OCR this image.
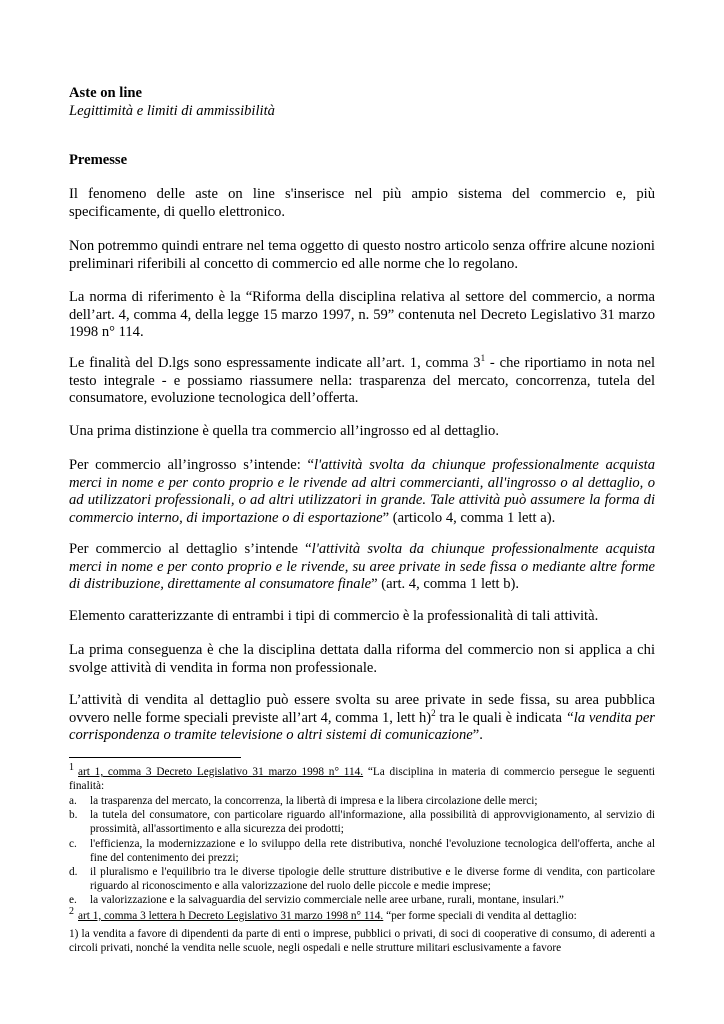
Aste on line
Legittimità e limiti di ammissibilità
Premesse
Il fenomeno delle aste on line s'inserisce nel più ampio sistema del commercio e, più specificamente, di quello elettronico.
Non potremmo quindi entrare nel tema oggetto di questo nostro articolo senza offrire alcune nozioni preliminari riferibili al concetto di commercio ed alle norme che lo regolano.
La norma di riferimento è la “Riforma della disciplina relativa al settore del commercio, a norma dell’art. 4, comma 4, della legge 15 marzo 1997, n. 59” contenuta nel Decreto Legislativo 31 marzo 1998 n° 114.
Le finalità del D.lgs sono espressamente indicate all’art. 1, comma $3^1$ - che riportiamo in nota nel testo integrale - e possiamo riassumere nella: trasparenza del mercato, concorrenza, tutela del consumatore, evoluzione tecnologica dell’offerta.
Una prima distinzione è quella tra commercio all’ingrosso ed al dettaglio.
Per commercio all’ingrosso s’intende: “l'attività svolta da chiunque professionalmente acquista merci in nome e per conto proprio e le rivende ad altri commercianti, all'ingrosso o al dettaglio, o ad utilizzatori professionali, o ad altri utilizzatori in grande. Tale attività può assumere la forma di commercio interno, di importazione o di esportazione” (articolo 4, comma 1 lett a).
Per commercio al dettaglio s’intende “l'attività svolta da chiunque professionalmente acquista merci in nome e per conto proprio e le rivende, su aree private in sede fissa o mediante altre forme di distribuzione, direttamente al consumatore finale” (art. 4, comma 1 lett b).
Elemento caratterizzante di entrambi i tipi di commercio è la professionalità di tali attività.
La prima conseguenza è che la disciplina dettata dalla riforma del commercio non si applica a chi svolge attività di vendita in forma non professionale.
L’attività di vendita al dettaglio può essere svolta su aree private in sede fissa, su area pubblica ovvero nelle forme speciali previste all’art 4, comma 1, lett h)$^2$ tra le quali è indicata “la vendita per corrispondenza o tramite televisione o altri sistemi di comunicazione”.
1 art 1, comma 3 Decreto Legislativo 31 marzo 1998 n° 114. “La disciplina in materia di commercio persegue le seguenti finalità:
a.	la trasparenza del mercato, la concorrenza, la libertà di impresa e la libera circolazione delle merci;
b.	la tutela del consumatore, con particolare riguardo all'informazione, alla possibilità di approvvigionamento, al servizio di prossimità, all'assortimento e alla sicurezza dei prodotti;
c.	l'efficienza, la modernizzazione e lo sviluppo della rete distributiva, nonché l'evoluzione tecnologica dell'offerta, anche al fine del contenimento dei prezzi;
d.	il pluralismo e l'equilibrio tra le diverse tipologie delle strutture distributive e le diverse forme di vendita, con particolare riguardo al riconoscimento e alla valorizzazione del ruolo delle piccole e medie imprese;
e.	la valorizzazione e la salvaguardia del servizio commerciale nelle aree urbane, rurali, montane, insulari.”
2 art 1, comma 3 lettera h Decreto Legislativo 31 marzo 1998 n° 114. “per forme speciali di vendita al dettaglio:
1) la vendita a favore di dipendenti da parte di enti o imprese, pubblici o privati, di soci di cooperative di consumo, di aderenti a circoli privati, nonché la vendita nelle scuole, negli ospedali e nelle strutture militari esclusivamente a favore
